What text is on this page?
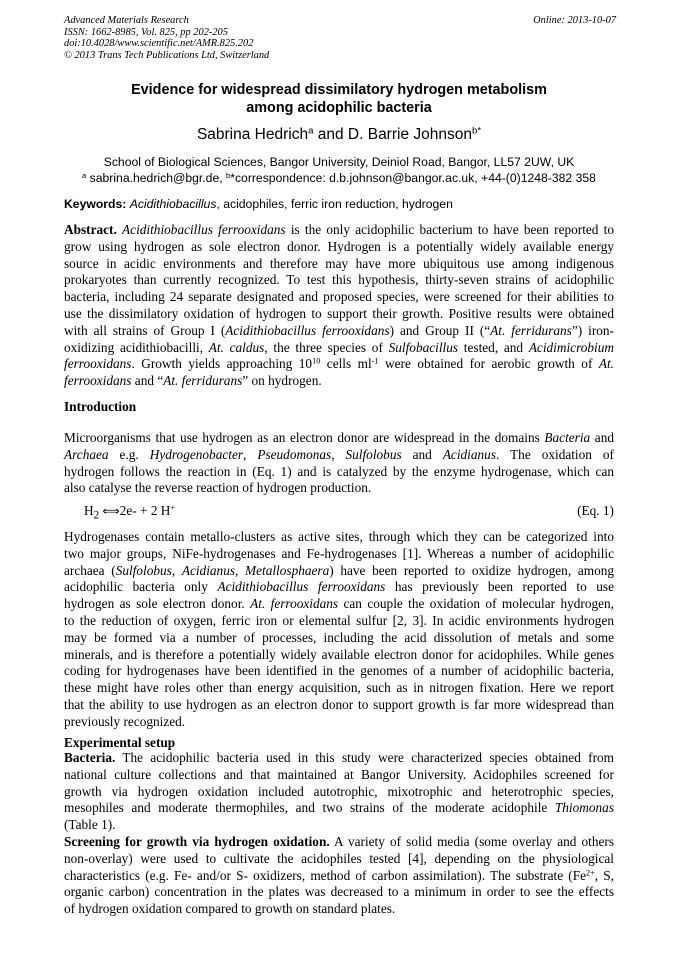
Advanced Materials Research
ISSN: 1662-8985, Vol. 825, pp 202-205
doi:10.4028/www.scientific.net/AMR.825.202
© 2013 Trans Tech Publications Ltd, Switzerland
Online: 2013-10-07
Evidence for widespread dissimilatory hydrogen metabolism
among acidophilic bacteria
Sabrina Hedrich$^a$ and D. Barrie Johnson$^{b*}$
School of Biological Sciences, Bangor University, Deiniol Road, Bangor, LL57 2UW, UK
$^a$ sabrina.hedrich@bgr.de, $^b$*correspondence: d.b.johnson@bangor.ac.uk, +44-(0)1248-382 358
Keywords: Acidithiobacillus, acidophiles, ferric iron reduction, hydrogen
Abstract. Acidithiobacillus ferrooxidans is the only acidophilic bacterium to have been reported to
grow using hydrogen as sole electron donor. Hydrogen is a potentially widely available energy
source in acidic environments and therefore may have more ubiquitous use among indigenous
prokaryotes than currently recognized. To test this hypothesis, thirty-seven strains of acidophilic
bacteria, including 24 separate designated and proposed species, were screened for their abilities to
use the dissimilatory oxidation of hydrogen to support their growth. Positive results were obtained
with all strains of Group I (Acidithiobacillus ferrooxidans) and Group II (“At. ferridurans”) iron-
oxidizing acidithiobacilli, At. caldus, the three species of Sulfobacillus tested, and Acidimicrobium
ferrooxidans. Growth yields approaching $10^{10}$ cells $ml^{-1}$ were obtained for aerobic growth of At.
ferrooxidans and “At. ferridurans” on hydrogen.
Introduction
Microorganisms that use hydrogen as an electron donor are widespread in the domains Bacteria and
Archaea e.g. Hydrogenobacter, Pseudomonas, Sulfolobus and Acidianus. The oxidation of
hydrogen follows the reaction in (Eq. 1) and is catalyzed by the enzyme hydrogenase, which can
also catalyse the reverse reaction of hydrogen production.
$H_2$ ⟺2e- + 2 H+	(Eq. 1)
Hydrogenases contain metallo-clusters as active sites, through which they can be categorized into
two major groups, NiFe-hydrogenases and Fe-hydrogenases [1]. Whereas a number of acidophilic
archaea (Sulfolobus, Acidianus, Metallosphaera) have been reported to oxidize hydrogen, among
acidophilic bacteria only Acidithiobacillus ferrooxidans has previously been reported to use
hydrogen as sole electron donor. At. ferrooxidans can couple the oxidation of molecular hydrogen,
to the reduction of oxygen, ferric iron or elemental sulfur [2, 3]. In acidic environments hydrogen
may be formed via a number of processes, including the acid dissolution of metals and some
minerals, and is therefore a potentially widely available electron donor for acidophiles. While genes
coding for hydrogenases have been identified in the genomes of a number of acidophilic bacteria,
these might have roles other than energy acquisition, such as in nitrogen fixation. Here we report
that the ability to use hydrogen as an electron donor to support growth is far more widespread than
previously recognized.
Experimental setup
Bacteria. The acidophilic bacteria used in this study were characterized species obtained from
national culture collections and that maintained at Bangor University. Acidophiles screened for
growth via hydrogen oxidation included autotrophic, mixotrophic and heterotrophic species,
mesophiles and moderate thermophiles, and two strains of the moderate acidophile Thiomonas
(Table 1).
Screening for growth via hydrogen oxidation. A variety of solid media (some overlay and others
non-overlay) were used to cultivate the acidophiles tested [4], depending on the physiological
characteristics (e.g. Fe- and/or S- oxidizers, method of carbon assimilation). The substrate ($Fe^{2+}$, S,
organic carbon) concentration in the plates was decreased to a minimum in order to see the effects
of hydrogen oxidation compared to growth on standard plates.
